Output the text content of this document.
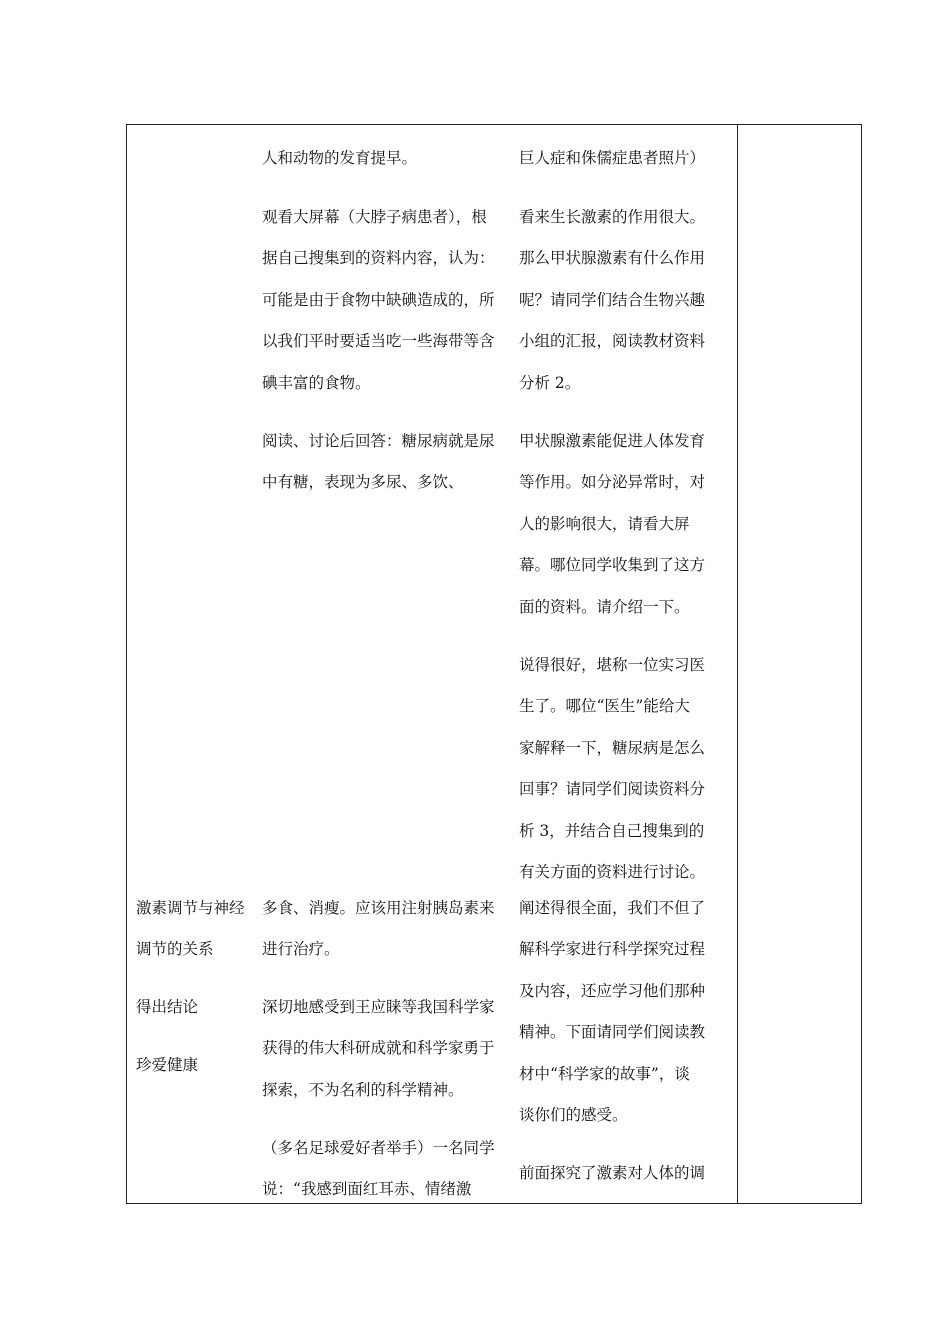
激素调节与神经
调节的关系
得出结论
珍爱健康
人和动物的发育提早。
观看大屏幕（大脖子病患者），根
据自己搜集到的资料内容，认为：
可能是由于食物中缺碘造成的，所
以我们平时要适当吃一些海带等含
碘丰富的食物。
阅读、讨论后回答：糖尿病就是尿
中有糖，表现为多尿、多饮、
多食、消瘦。应该用注射胰岛素来
进行治疗。
深切地感受到王应睐等我国科学家
获得的伟大科研成就和科学家勇于
探索，不为名利的科学精神。
（多名足球爱好者举手）一名同学
说：“我感到面红耳赤、情绪激
巨人症和侏儒症患者照片）
看来生长激素的作用很大。
那么甲状腺激素有什么作用
呢？请同学们结合生物兴趣
小组的汇报，阅读教材资料
分析 2。
甲状腺激素能促进人体发育
等作用。如分泌异常时，对
人的影响很大，请看大屏
幕。哪位同学收集到了这方
面的资料。请介绍一下。
说得很好，堪称一位实习医
生了。哪位“医生”能给大
家解释一下，糖尿病是怎么
回事？请同学们阅读资料分
析 3，并结合自己搜集到的
有关方面的资料进行讨论。
阐述得很全面，我们不但了
解科学家进行科学探究过程
及内容，还应学习他们那种
精神。下面请同学们阅读教
材中“科学家的故事”，谈
谈你们的感受。
前面探究了激素对人体的调
